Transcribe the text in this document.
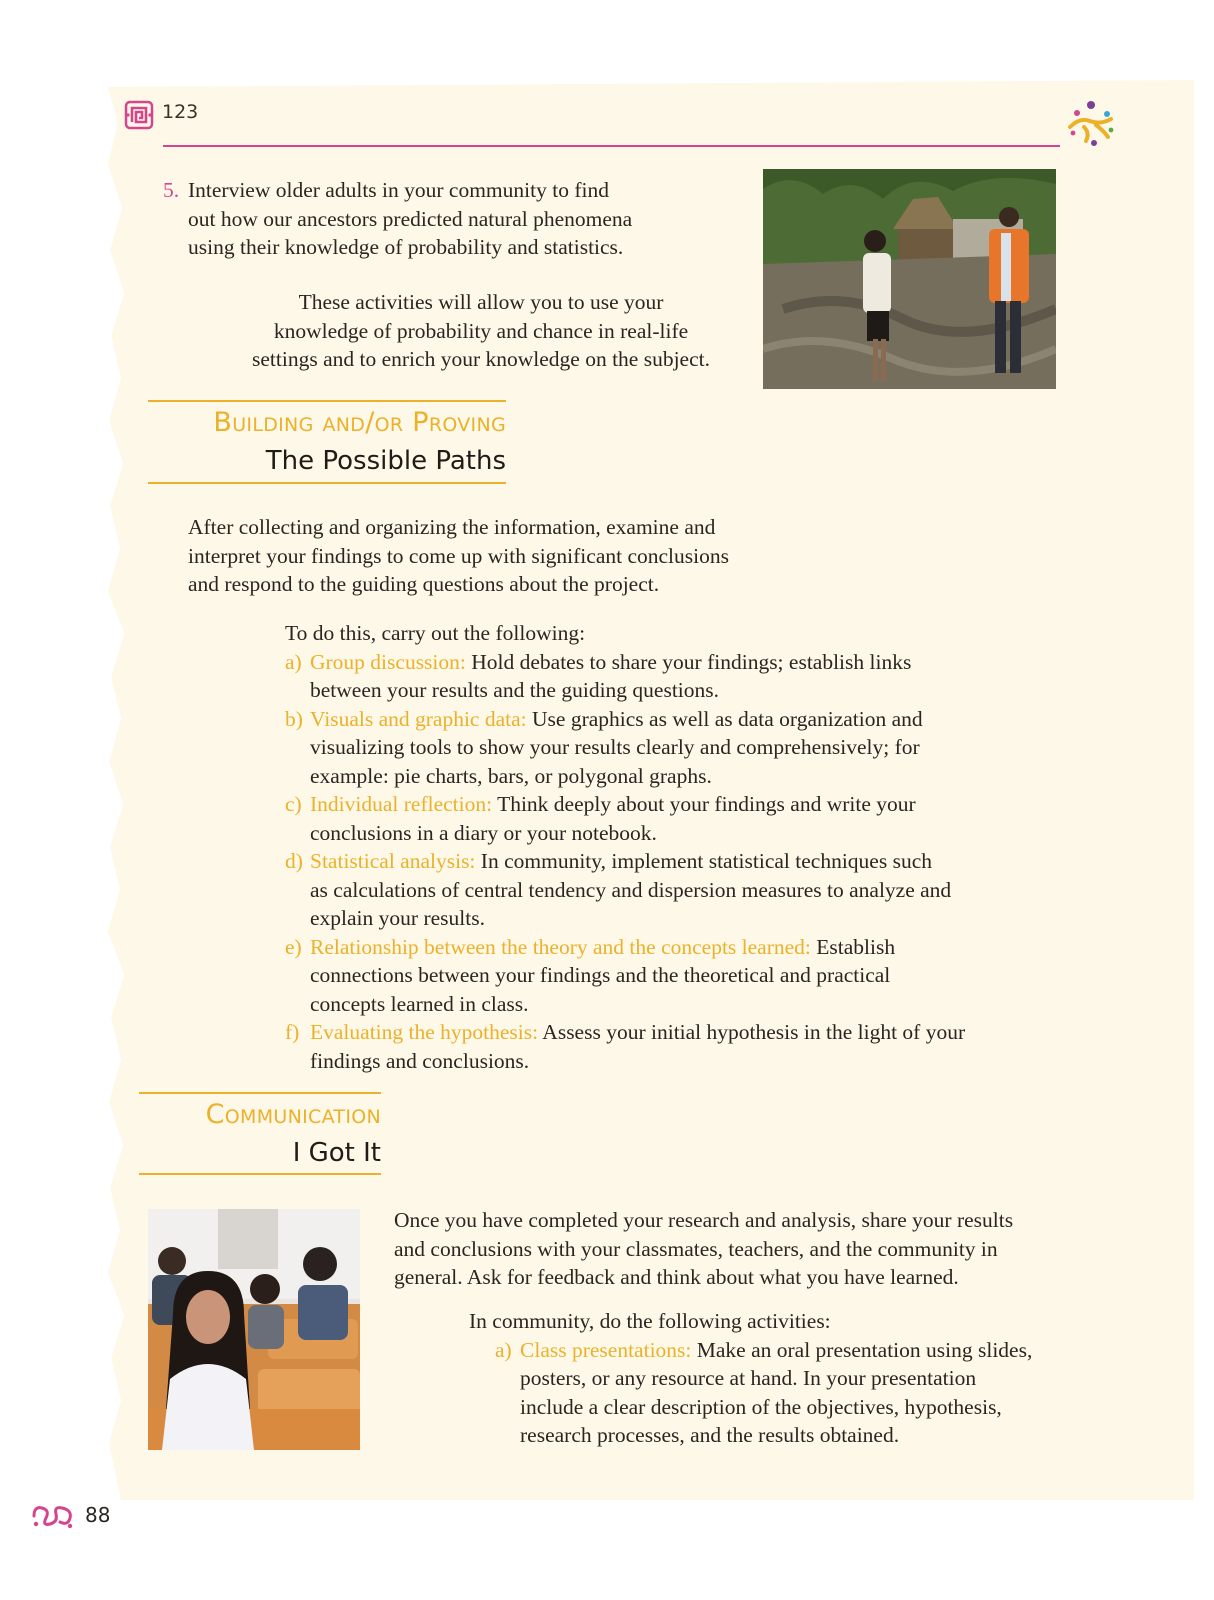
123
5. Interview older adults in your community to find
out how our ancestors predicted natural phenomena
using their knowledge of probability and statistics.
These activities will allow you to use your
knowledge of probability and chance in real-life
settings and to enrich your knowledge on the subject.
Building and/or Proving
The Possible Paths
After collecting and organizing the information, examine and
interpret your findings to come up with significant conclusions
and respond to the guiding questions about the project.
To do this, carry out the following:
a) Group discussion: Hold debates to share your findings; establish links
between your results and the guiding questions.
b) Visuals and graphic data: Use graphics as well as data organization and
visualizing tools to show your results clearly and comprehensively; for
example: pie charts, bars, or polygonal graphs.
c) Individual reflection: Think deeply about your findings and write your
conclusions in a diary or your notebook.
d) Statistical analysis: In community, implement statistical techniques such
as calculations of central tendency and dispersion measures to analyze and
explain your results.
e) Relationship between the theory and the concepts learned: Establish
connections between your findings and the theoretical and practical
concepts learned in class.
f) Evaluating the hypothesis: Assess your initial hypothesis in the light of your
findings and conclusions.
Communication
I Got It
Once you have completed your research and analysis, share your results
and conclusions with your classmates, teachers, and the community in
general. Ask for feedback and think about what you have learned.
In community, do the following activities:
a) Class presentations: Make an oral presentation using slides,
posters, or any resource at hand. In your presentation
include a clear description of the objectives, hypothesis,
research processes, and the results obtained.
88
